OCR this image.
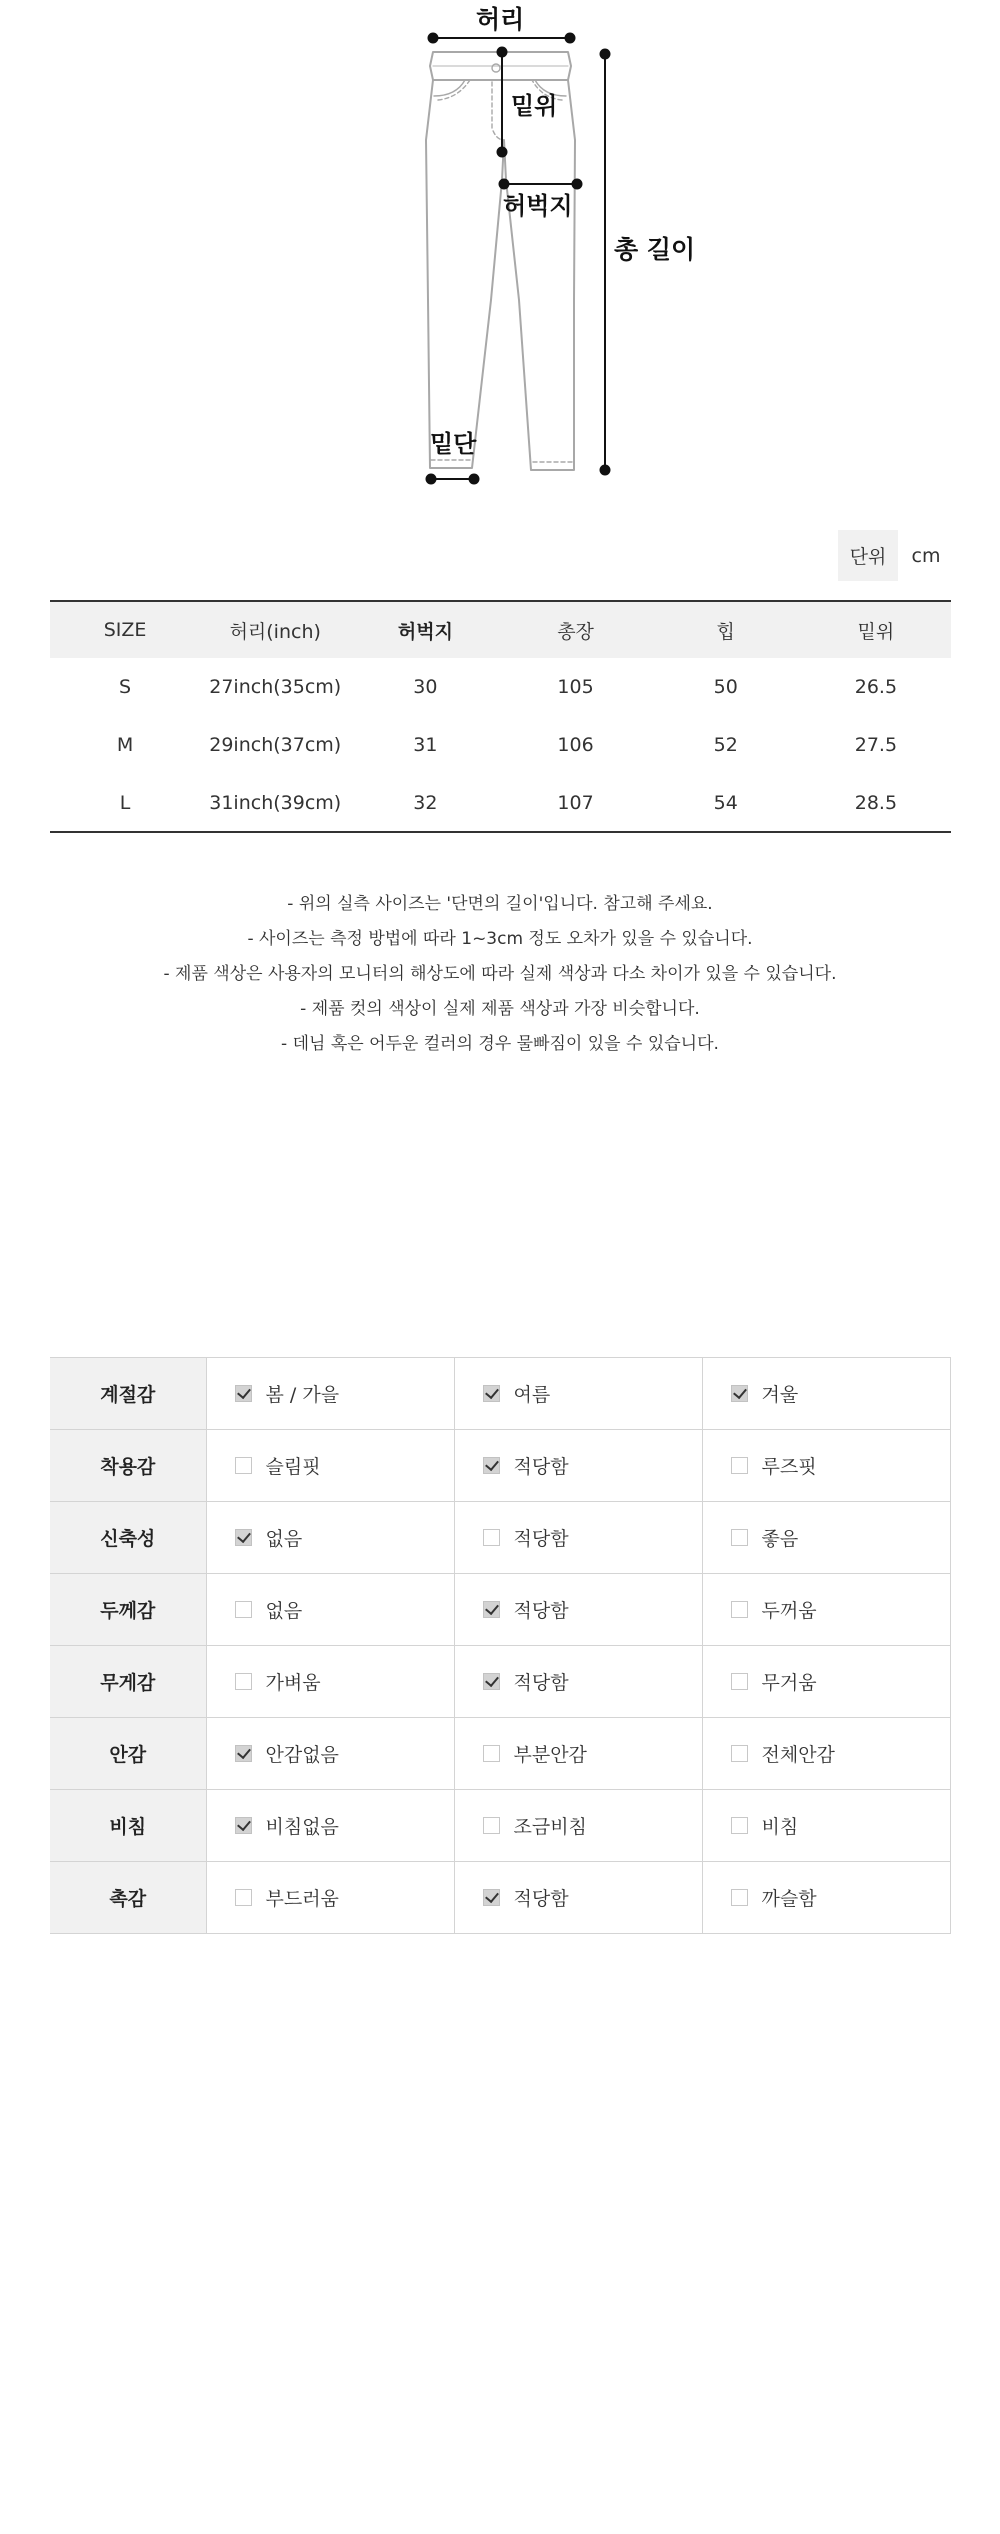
허리
밑위
허벅지
총 길이
밑단
단위	cm
SIZE	허리(inch)	허벅지	총장	힙	밑위
S	27inch(35cm)	30	105	50	26.5
M	29inch(37cm)	31	106	52	27.5
L	31inch(39cm)	32	107	54	28.5
- 위의 실측 사이즈는 '단면의 길이'입니다. 참고해 주세요.
- 사이즈는 측정 방법에 따라 1~3cm 정도 오차가 있을 수 있습니다.
- 제품 색상은 사용자의 모니터의 해상도에 따라 실제 색상과 다소 차이가 있을 수 있습니다.
- 제품 컷의 색상이 실제 제품 색상과 가장 비슷합니다.
- 데님 혹은 어두운 컬러의 경우 물빠짐이 있을 수 있습니다.
계절감	봄 / 가을	여름	겨울
착용감	슬림핏	적당함	루즈핏
신축성	없음	적당함	좋음
두께감	없음	적당함	두꺼움
무게감	가벼움	적당함	무거움
안감	안감없음	부분안감	전체안감
비침	비침없음	조금비침	비침
촉감	부드러움	적당함	까슬함
